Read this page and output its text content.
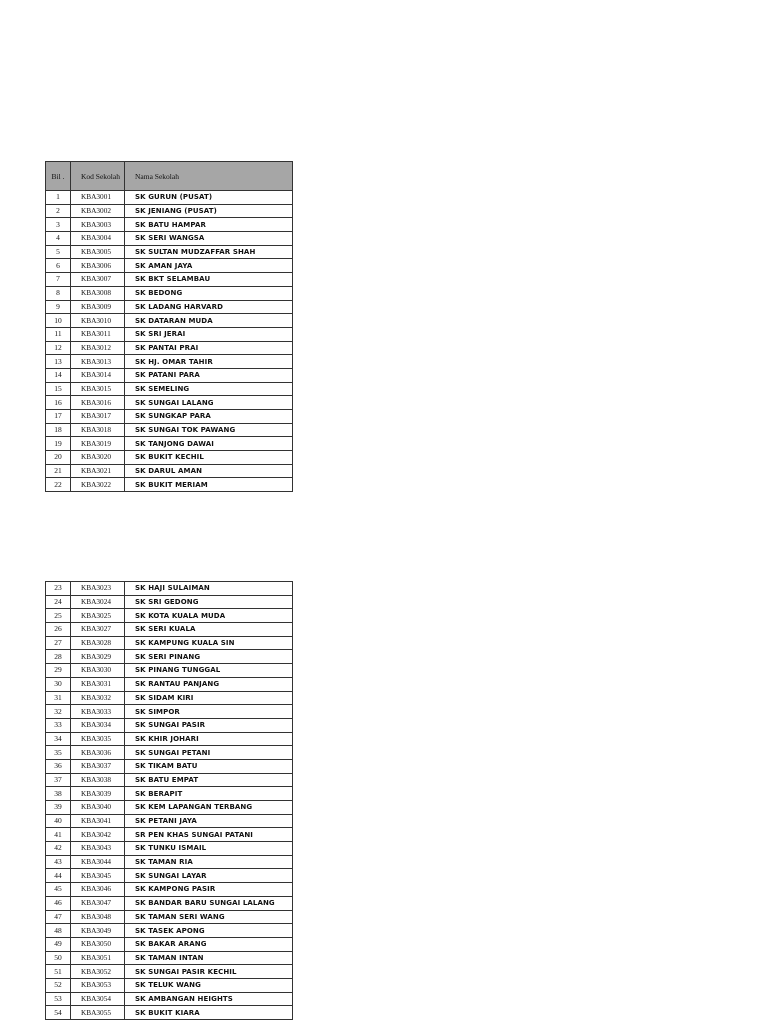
Bil .	Kod Sekolah	Nama Sekolah
1	KBA3001	SK GURUN (PUSAT)
2	KBA3002	SK JENIANG (PUSAT)
3	KBA3003	SK BATU HAMPAR
4	KBA3004	SK SERI WANGSA
5	KBA3005	SK SULTAN MUDZAFFAR SHAH
6	KBA3006	SK AMAN JAYA
7	KBA3007	SK BKT SELAMBAU
8	KBA3008	SK BEDONG
9	KBA3009	SK LADANG HARVARD
10	KBA3010	SK DATARAN MUDA
11	KBA3011	SK SRI JERAI
12	KBA3012	SK PANTAI PRAI
13	KBA3013	SK HJ. OMAR TAHIR
14	KBA3014	SK PATANI PARA
15	KBA3015	SK SEMELING
16	KBA3016	SK SUNGAI LALANG
17	KBA3017	SK SUNGKAP PARA
18	KBA3018	SK SUNGAI TOK PAWANG
19	KBA3019	SK TANJONG DAWAI
20	KBA3020	SK BUKIT KECHIL
21	KBA3021	SK DARUL AMAN
22	KBA3022	SK BUKIT MERIAM
23	KBA3023	SK HAJI SULAIMAN
24	KBA3024	SK SRI GEDONG
25	KBA3025	SK KOTA KUALA MUDA
26	KBA3027	SK SERI KUALA
27	KBA3028	SK KAMPUNG KUALA SIN
28	KBA3029	SK SERI PINANG
29	KBA3030	SK PINANG TUNGGAL
30	KBA3031	SK RANTAU PANJANG
31	KBA3032	SK SIDAM KIRI
32	KBA3033	SK SIMPOR
33	KBA3034	SK SUNGAI PASIR
34	KBA3035	SK KHIR JOHARI
35	KBA3036	SK SUNGAI PETANI
36	KBA3037	SK TIKAM BATU
37	KBA3038	SK BATU EMPAT
38	KBA3039	SK BERAPIT
39	KBA3040	SK KEM LAPANGAN TERBANG
40	KBA3041	SK PETANI JAYA
41	KBA3042	SR PEN KHAS SUNGAI PATANI
42	KBA3043	SK TUNKU ISMAIL
43	KBA3044	SK TAMAN RIA
44	KBA3045	SK SUNGAI LAYAR
45	KBA3046	SK KAMPONG PASIR
46	KBA3047	SK BANDAR BARU SUNGAI LALANG
47	KBA3048	SK TAMAN SERI WANG
48	KBA3049	SK TASEK APONG
49	KBA3050	SK BAKAR ARANG
50	KBA3051	SK TAMAN INTAN
51	KBA3052	SK SUNGAI PASIR KECHIL
52	KBA3053	SK TELUK WANG
53	KBA3054	SK AMBANGAN HEIGHTS
54	KBA3055	SK BUKIT KIARA
